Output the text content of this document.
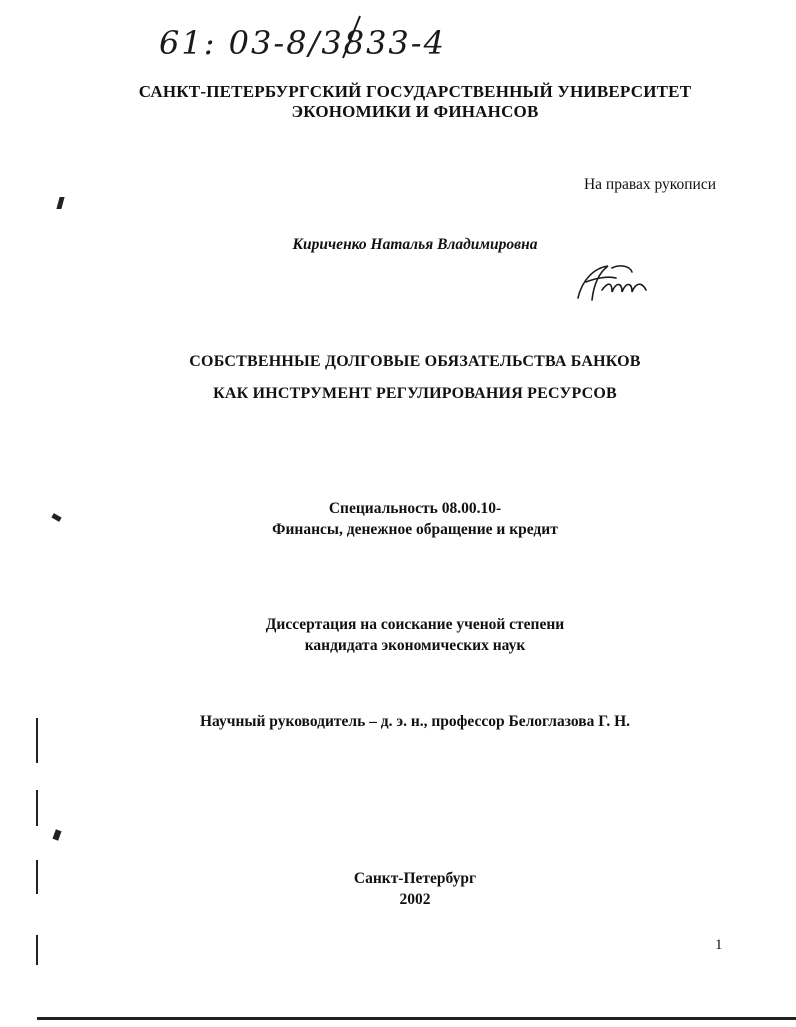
61: 03-8/3833-4
САНКТ-ПЕТЕРБУРГСКИЙ ГОСУДАРСТВЕННЫЙ УНИВЕРСИТЕТ
ЭКОНОМИКИ И ФИНАНСОВ
На правах рукописи
Кириченко Наталья Владимировна
СОБСТВЕННЫЕ ДОЛГОВЫЕ ОБЯЗАТЕЛЬСТВА БАНКОВ
КАК ИНСТРУМЕНТ РЕГУЛИРОВАНИЯ РЕСУРСОВ
Специальность 08.00.10-
Финансы, денежное обращение и кредит
Диссертация на соискание ученой степени
кандидата экономических наук
Научный руководитель – д. э. н., профессор Белоглазова Г. Н.
Санкт-Петербург
2002
1
